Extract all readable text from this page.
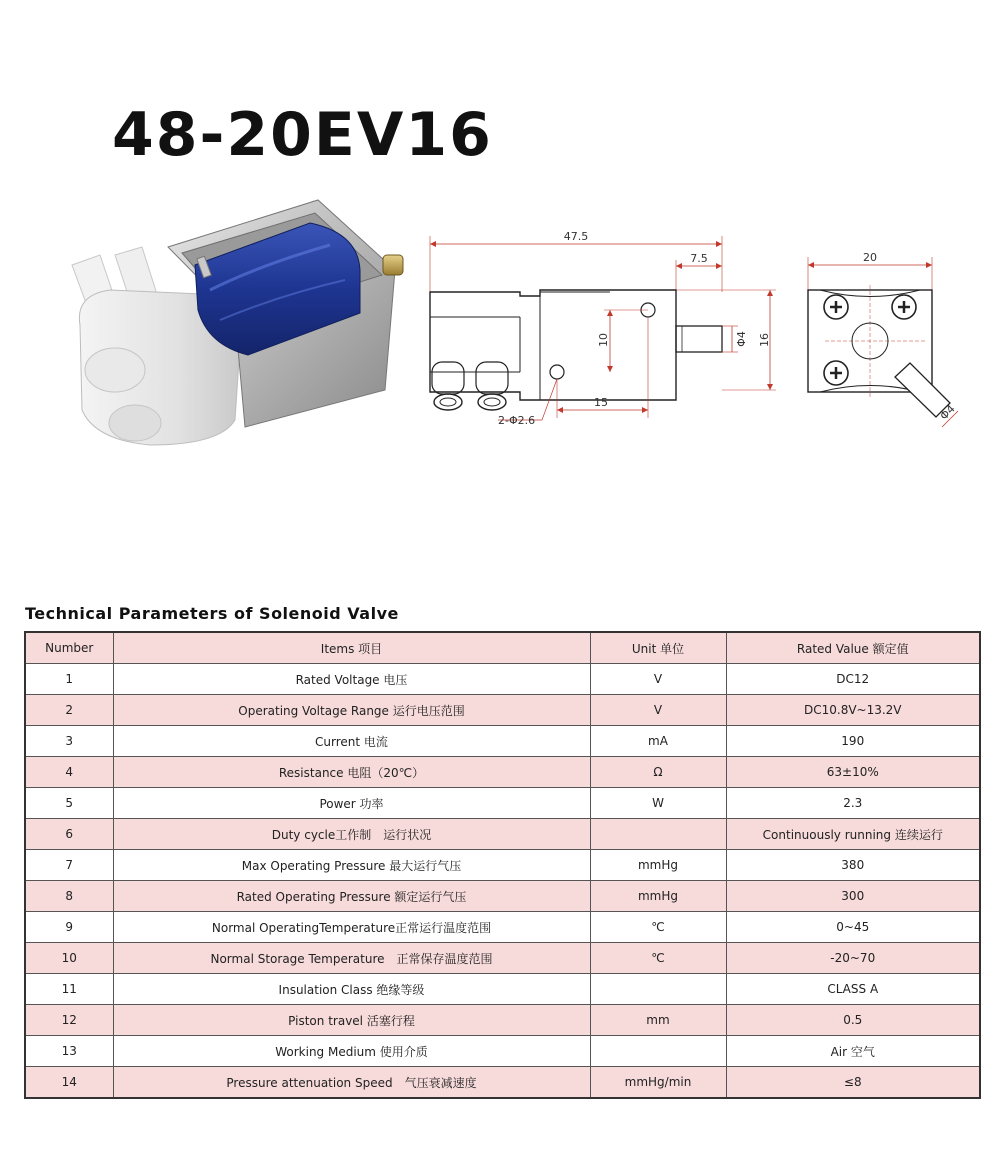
48-20EV16
47.5
7.5
10
15
Φ4 16
2-Φ2.6
20
Φ4
Technical Parameters of Solenoid Valve
Number	Items 项目	Unit 单位	Rated Value 额定值
1	Rated Voltage 电压	V	DC12
2	Operating Voltage Range 运行电压范围	V	DC10.8V~13.2V
3	Current 电流	mA	190
4	Resistance 电阻（20℃）	Ω	63±10%
5	Power 功率	W	2.3
6	Duty cycle工作制　运行状况		Continuously running 连续运行
7	Max Operating Pressure 最大运行气压	mmHg	380
8	Rated Operating Pressure 额定运行气压	mmHg	300
9	Normal OperatingTemperature正常运行温度范围	℃	0~45
10	Normal Storage Temperature　正常保存温度范围	℃	-20~70
11	Insulation Class 绝缘等级		CLASS A
12	Piston travel 活塞行程	mm	0.5
13	Working Medium 使用介质		Air 空气
14	Pressure attenuation Speed　气压衰减速度	mmHg/min	≤8
